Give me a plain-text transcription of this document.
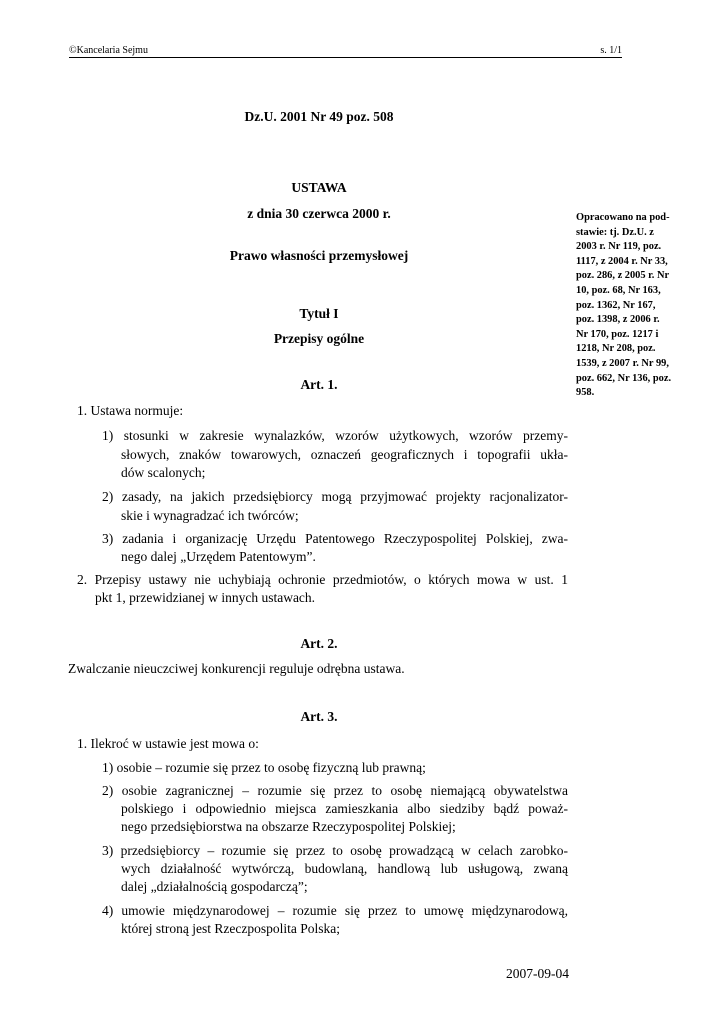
©Kancelaria Sejmu	s. 1/1
Dz.U. 2001 Nr 49 poz. 508
USTAWA
z dnia 30 czerwca 2000 r.
Prawo własności przemysłowej
Opracowano na pod-
stawie: tj. Dz.U. z
2003 r. Nr 119, poz.
1117, z 2004 r. Nr 33,
poz. 286, z 2005 r. Nr
10, poz. 68, Nr 163,
poz. 1362, Nr 167,
poz. 1398, z 2006 r.
Nr 170, poz. 1217 i
1218, Nr 208, poz.
1539, z 2007 r. Nr 99,
poz. 662, Nr 136, poz.
958.
Tytuł I
Przepisy ogólne
Art. 1.
1. Ustawa normuje:
1) stosunki w zakresie wynalazków, wzorów użytkowych, wzorów przemy-
słowych, znaków towarowych, oznaczeń geograficznych i topografii ukła-
dów scalonych;
2) zasady, na jakich przedsiębiorcy mogą przyjmować projekty racjonalizator-
skie i wynagradzać ich twórców;
3) zadania i organizację Urzędu Patentowego Rzeczypospolitej Polskiej, zwa-
nego dalej „Urzędem Patentowym”.
2. Przepisy ustawy nie uchybiają ochronie przedmiotów, o których mowa w ust. 1
pkt 1, przewidzianej w innych ustawach.
Art. 2.
Zwalczanie nieuczciwej konkurencji reguluje odrębna ustawa.
Art. 3.
1. Ilekroć w ustawie jest mowa o:
1) osobie – rozumie się przez to osobę fizyczną lub prawną;
2) osobie zagranicznej – rozumie się przez to osobę niemającą obywatelstwa
polskiego i odpowiednio miejsca zamieszkania albo siedziby bądź poważ-
nego przedsiębiorstwa na obszarze Rzeczypospolitej Polskiej;
3) przedsiębiorcy – rozumie się przez to osobę prowadzącą w celach zarobko-
wych działalność wytwórczą, budowlaną, handlową lub usługową, zwaną
dalej „działalnością gospodarczą”;
4) umowie międzynarodowej – rozumie się przez to umowę międzynarodową,
której stroną jest Rzeczpospolita Polska;
2007-09-04
